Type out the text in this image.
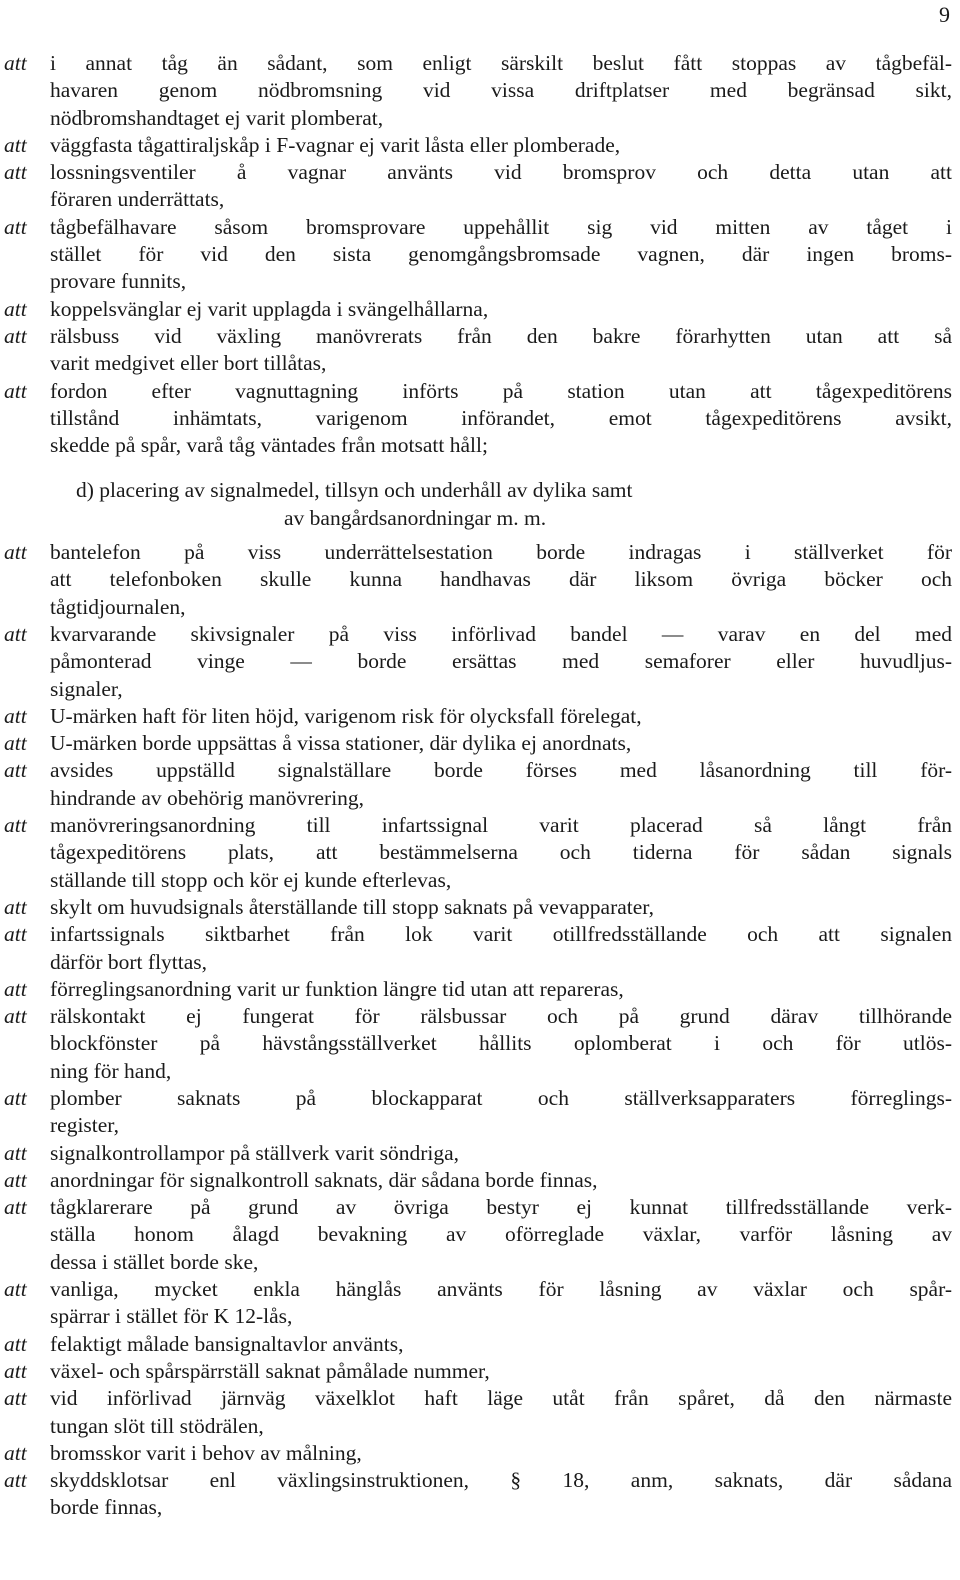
9
att i annat tåg än sådant, som enligt särskilt beslut fått stoppas av tågbefäl-
havaren genom nödbromsning vid vissa driftplatser med begränsad sikt,
nödbromshandtaget ej varit plomberat,
att väggfasta tågattiraljskåp i F-vagnar ej varit låsta eller plomberade,
att lossningsventiler å vagnar använts vid bromsprov och detta utan att
föraren underrättats,
att tågbefälhavare såsom bromsprovare uppehållit sig vid mitten av tåget i
stället för vid den sista genomgångsbromsade vagnen, där ingen broms-
provare funnits,
att koppelsvänglar ej varit upplagda i svängelhållarna,
att rälsbuss vid växling manövrerats från den bakre förarhytten utan att så
varit medgivet eller bort tillåtas,
att fordon efter vagnuttagning införts på station utan att tågexpeditörens
tillstånd inhämtats, varigenom införandet, emot tågexpeditörens avsikt,
skedde på spår, varå tåg väntades från motsatt håll;
d) placering av signalmedel, tillsyn och underhåll av dylika samt
av bangårdsanordningar m. m.
att bantelefon på viss underrättelsestation borde indragas i ställverket för
att telefonboken skulle kunna handhavas där liksom övriga böcker och
tågtidjournalen,
att kvarvarande skivsignaler på viss införlivad bandel — varav en del med
påmonterad vinge — borde ersättas med semaforer eller huvudljus-
signaler,
att U-märken haft för liten höjd, varigenom risk för olycksfall förelegat,
att U-märken borde uppsättas å vissa stationer, där dylika ej anordnats,
att avsides uppställd signalställare borde förses med låsanordning till för-
hindrande av obehörig manövrering,
att manövreringsanordning till infartssignal varit placerad så långt från
tågexpeditörens plats, att bestämmelserna och tiderna för sådan signals
ställande till stopp och kör ej kunde efterlevas,
att skylt om huvudsignals återställande till stopp saknats på vevapparater,
att infartssignals siktbarhet från lok varit otillfredsställande och att signalen
därför bort flyttas,
att förreglingsanordning varit ur funktion längre tid utan att repareras,
att rälskontakt ej fungerat för rälsbussar och på grund därav tillhörande
blockfönster på hävstångsställverket hållits oplomberat i och för utlös-
ning för hand,
att plomber saknats på blockapparat och ställverksapparaters förreglings-
register,
att signalkontrollampor på ställverk varit söndriga,
att anordningar för signalkontroll saknats, där sådana borde finnas,
att tågklarerare på grund av övriga bestyr ej kunnat tillfredsställande verk-
ställa honom ålagd bevakning av oförreglade växlar, varför låsning av
dessa i stället borde ske,
att vanliga, mycket enkla hänglås använts för låsning av växlar och spår-
spärrar i stället för K 12-lås,
att felaktigt målade bansignaltavlor använts,
att växel- och spårspärrställ saknat påmålade nummer,
att vid införlivad järnväg växelklot haft läge utåt från spåret, då den närmaste
tungan slöt till stödrälen,
att bromsskor varit i behov av målning,
att skyddsklotsar enl växlingsinstruktionen, § 18, anm, saknats, där sådana
borde finnas,
